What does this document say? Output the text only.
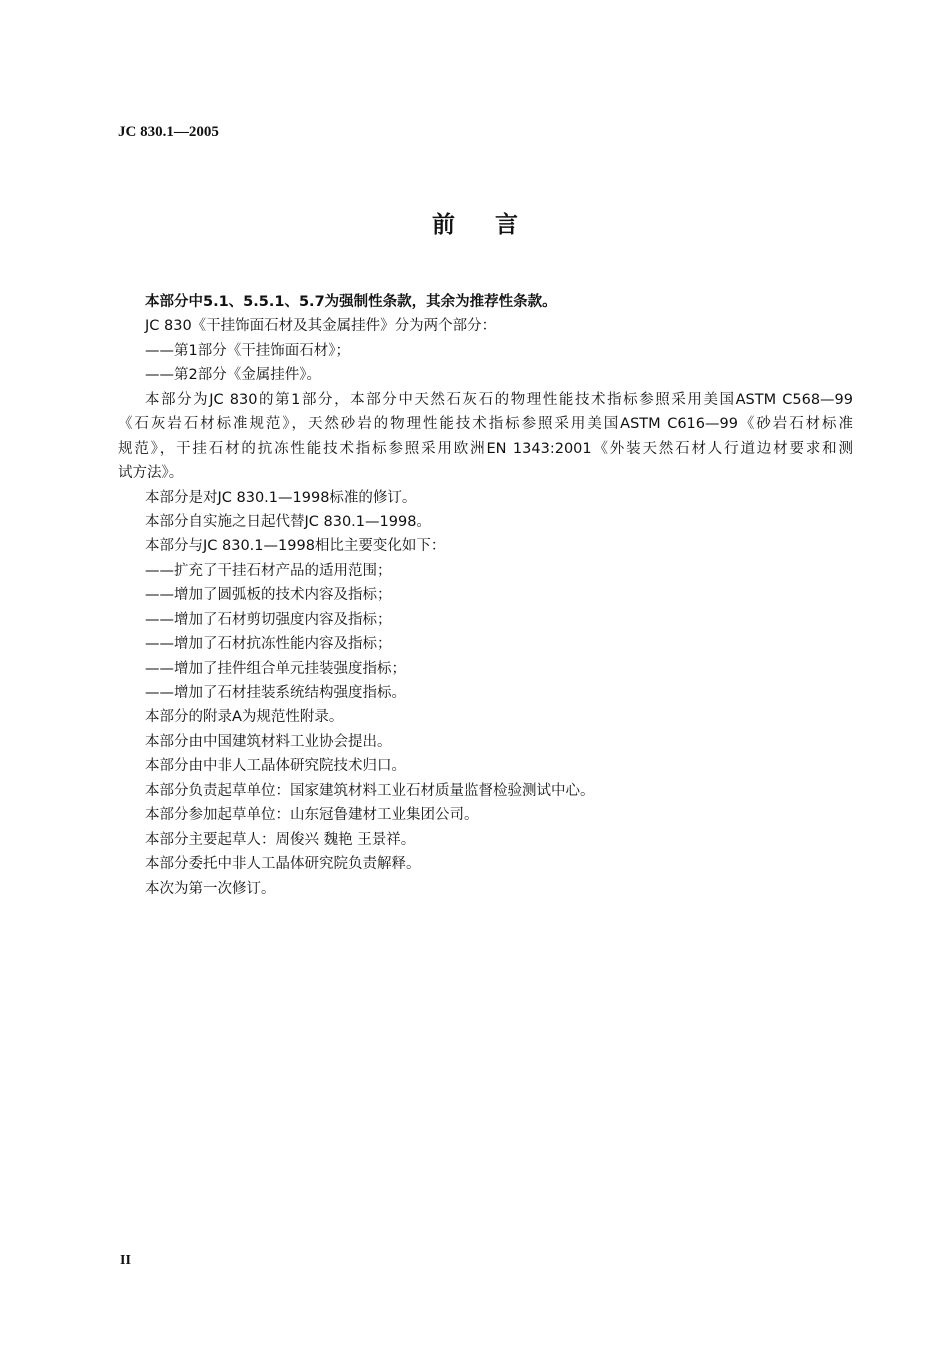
JC 830.1—2005
前言
本部分中5.1、5.5.1、5.7为强制性条款，其余为推荐性条款。
JC 830《干挂饰面石材及其金属挂件》分为两个部分：
——第1部分《干挂饰面石材》；
——第2部分《金属挂件》。
本部分为JC 830的第1部分，本部分中天然石灰石的物理性能技术指标参照采用美国ASTM C568—99
《石灰岩石材标准规范》，天然砂岩的物理性能技术指标参照采用美国ASTM C616—99《砂岩石材标准
规范》，干挂石材的抗冻性能技术指标参照采用欧洲EN 1343:2001《外装天然石材人行道边材要求和测
试方法》。
本部分是对JC 830.1—1998标准的修订。
本部分自实施之日起代替JC 830.1—1998。
本部分与JC 830.1—1998相比主要变化如下：
——扩充了干挂石材产品的适用范围；
——增加了圆弧板的技术内容及指标；
——增加了石材剪切强度内容及指标；
——增加了石材抗冻性能内容及指标；
——增加了挂件组合单元挂装强度指标；
——增加了石材挂装系统结构强度指标。
本部分的附录A为规范性附录。
本部分由中国建筑材料工业协会提出。
本部分由中非人工晶体研究院技术归口。
本部分负责起草单位：国家建筑材料工业石材质量监督检验测试中心。
本部分参加起草单位：山东冠鲁建材工业集团公司。
本部分主要起草人：周俊兴 魏艳 王景祥。
本部分委托中非人工晶体研究院负责解释。
本次为第一次修订。
II
